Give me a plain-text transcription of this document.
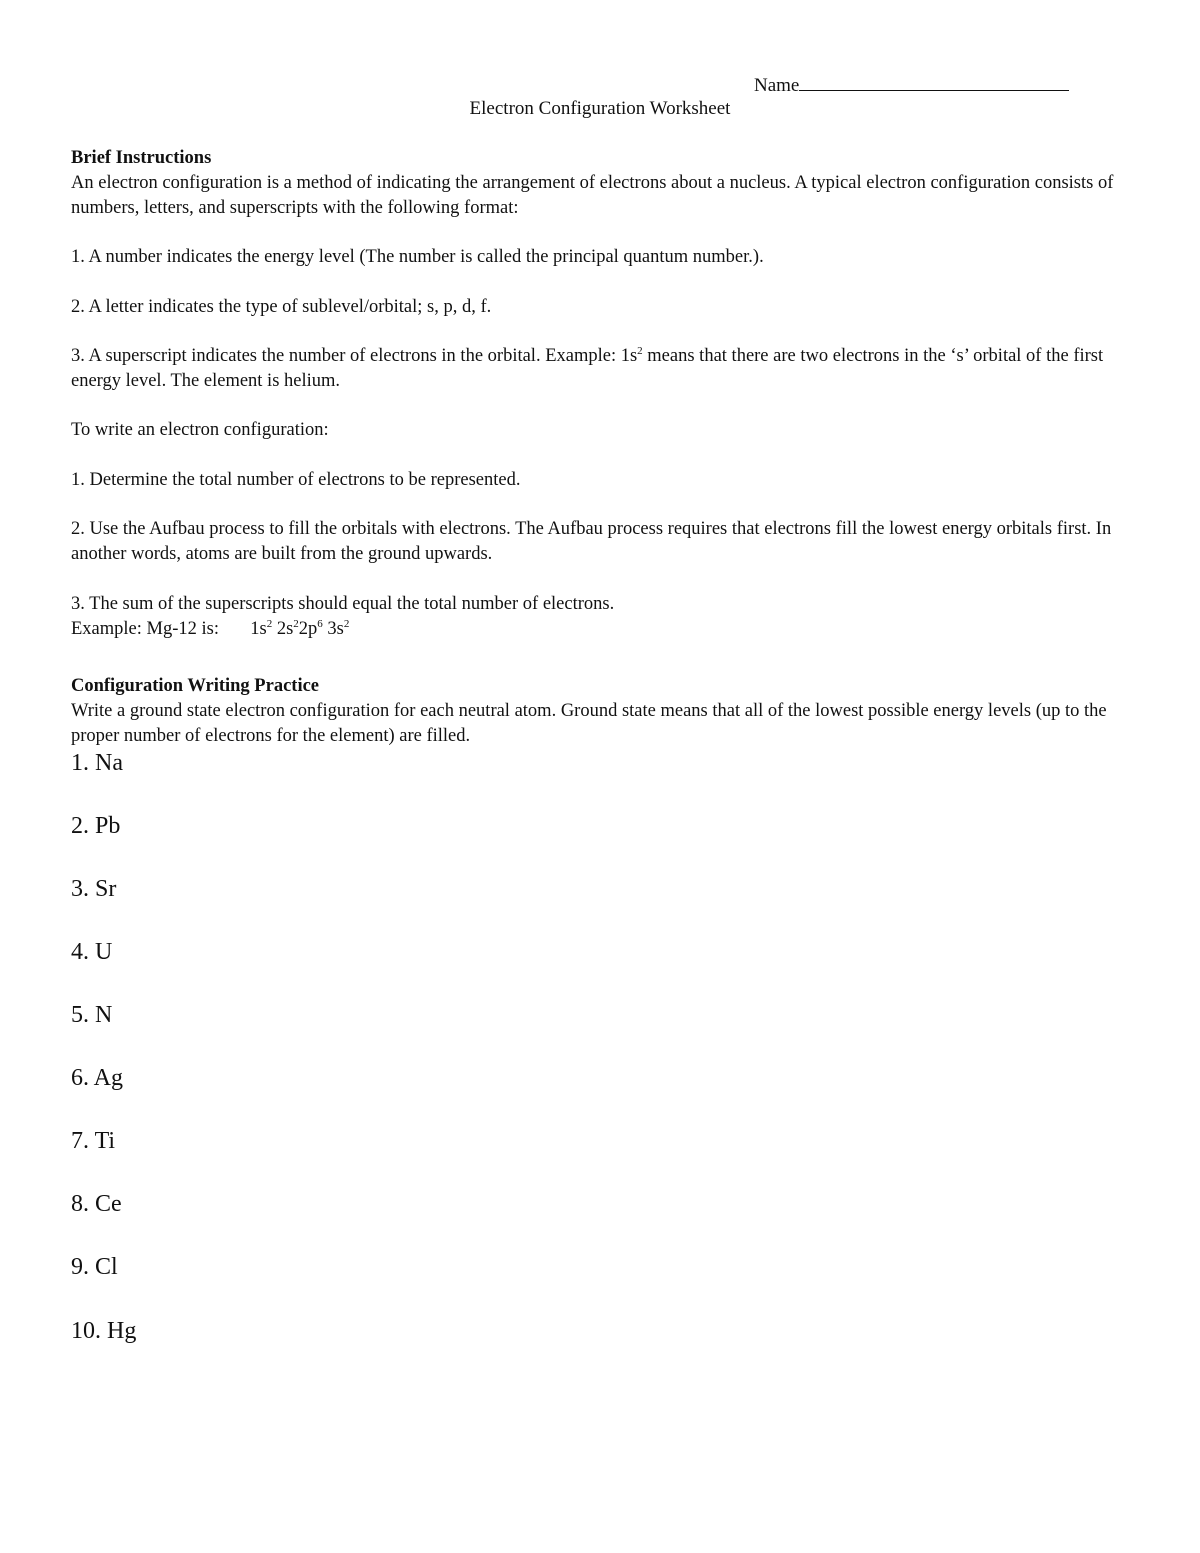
Name
Electron Configuration Worksheet
Brief Instructions
An electron configuration is a method of indicating the arrangement of electrons about a nucleus. A typical electron configuration consists of numbers, letters, and superscripts with the following format:
1. A number indicates the energy level (The number is called the principal quantum number.).
2. A letter indicates the type of sublevel/orbital; s, p, d, f.
3. A superscript indicates the number of electrons in the orbital. Example: $1s^2$ means that there are two electrons in the ‘s’ orbital of the first energy level. The element is helium.
To write an electron configuration:
1. Determine the total number of electrons to be represented.
2. Use the Aufbau process to fill the orbitals with electrons. The Aufbau process requires that electrons fill the lowest energy orbitals first. In another words, atoms are built from the ground upwards.
3. The sum of the superscripts should equal the total number of electrons.
Example: Mg-12 is: $1s^2$ $2s^22p^6$ $3s^2$
Configuration Writing Practice
Write a ground state electron configuration for each neutral atom. Ground state means that all of the lowest possible energy levels (up to the proper number of electrons for the element) are filled.
1. Na
2. Pb
3. Sr
4. U
5. N
6. Ag
7. Ti
8. Ce
9. Cl
10. Hg
